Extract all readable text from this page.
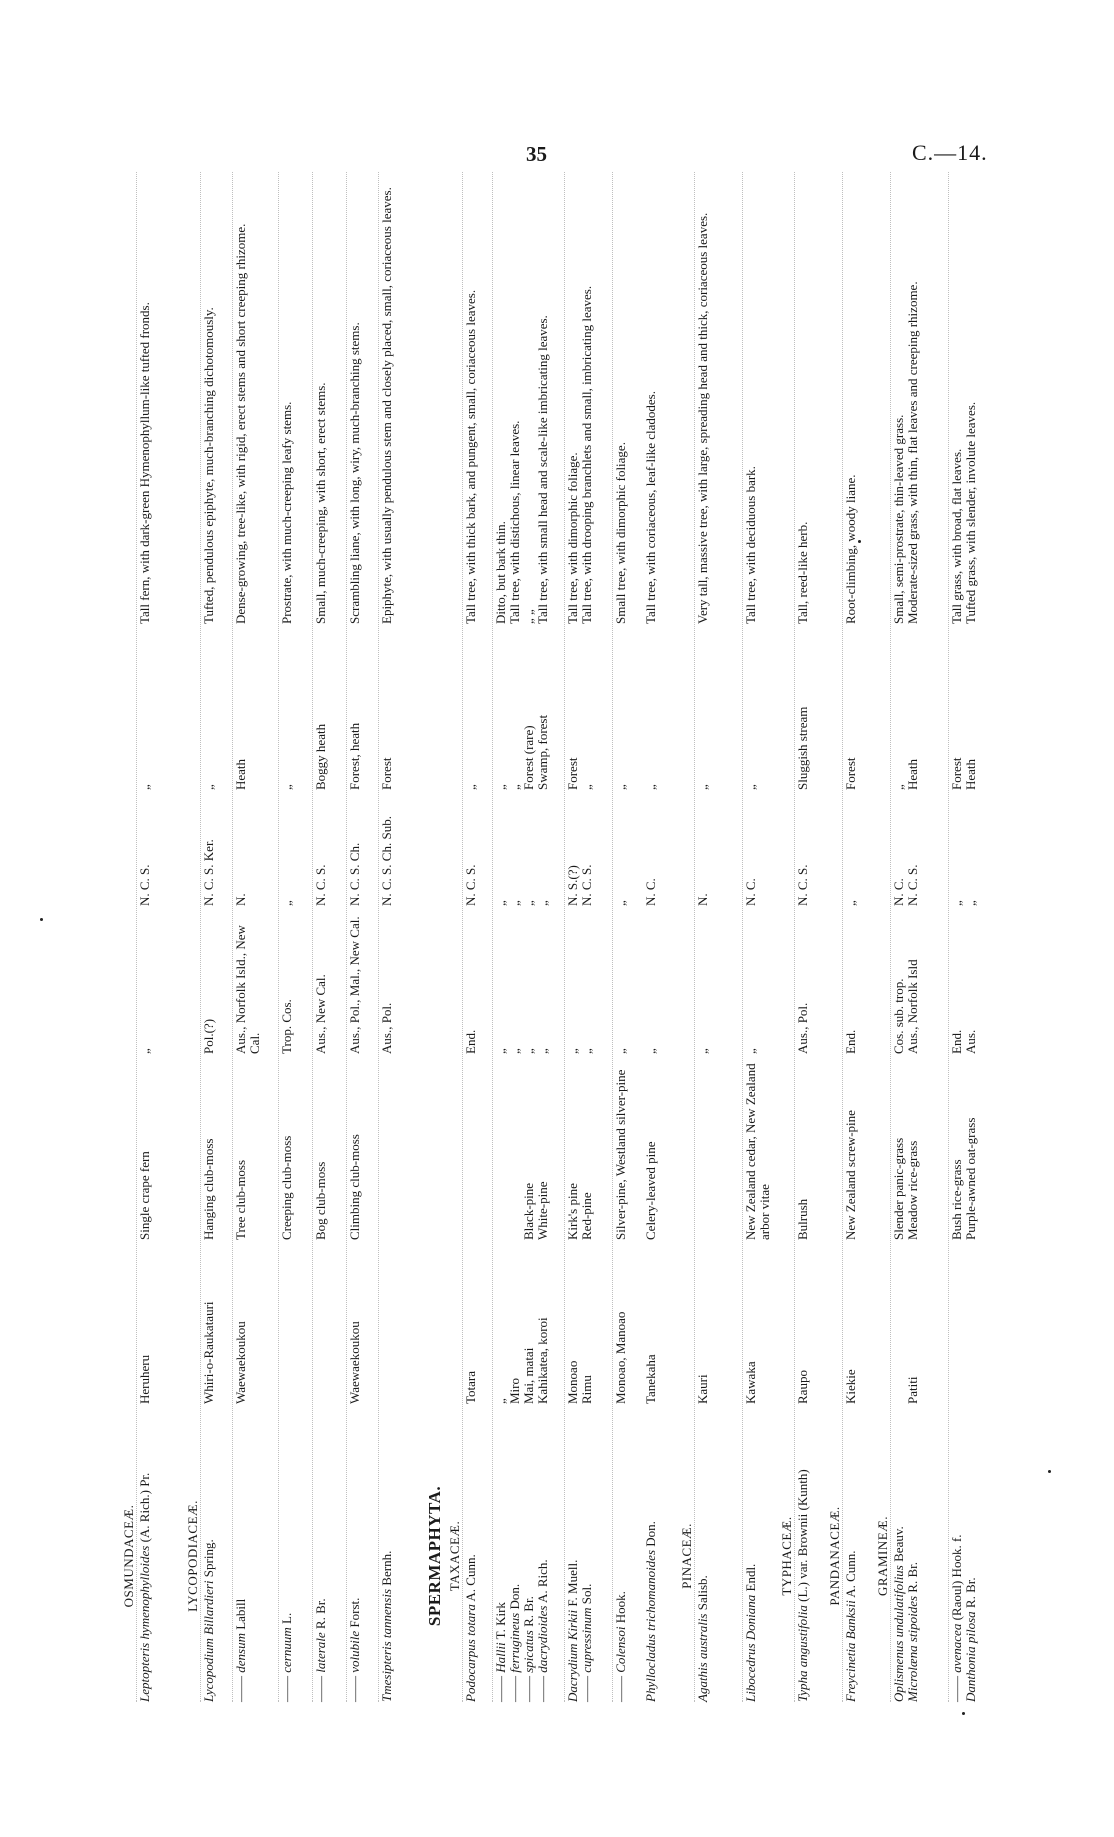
35	C.—14.
OSMUNDACEÆ. Leptopteris hymenophylloides (A. Rich.) Pr.
Heruheru
Single crape fern
„
N. C. S.
„
Tall fern, with dark-green Hymenophyllum-like tufted fronds.
LYCOPODIACEÆ.
Lycopodium Billardieri Spring.
Whiri-o-Raukatauri
Hanging club-moss
Pol.(?)
N. C. S. Ker.
„
Tufted, pendulous epiphyte, much-branching dichotomously.
—— densum Labill
Waewaekoukou
Tree club-moss
Aus., Norfolk Isld., New Cal.
N.
Heath
Dense-growing, tree-like, with rigid, erect stems and short creeping rhizome.
—— cernuum L.
Creeping club-moss
Trop. Cos.
„
„
Prostrate, with much-creeping leafy stems.
—— laterale R. Br.
Bog club-moss
Aus., New Cal.
N. C. S.
Boggy heath
Small, much-creeping, with short, erect stems.
—— volubile Forst.
Waewaekoukou
Climbing club-moss
Aus., Pol., Mal., New Cal.
N. C. S. Ch.
Forest, heath
Scrambling liane, with long, wiry, much-branching stems.
Tmesipteris tannensis Bernh.
Aus., Pol.
N. C. S. Ch. Sub.
Forest
Epiphyte, with usually pendulous stem and closely placed, small, coriaceous leaves.
SPERMAPHYTA. TAXACEÆ.
Podocarpus totara A. Cunn.
Totara
End.
N. C. S.
„
Tall tree, with thick bark, and pungent, small, coriaceous leaves.
—— Hallii T. Kirk
„
„
„
„
Ditto, but bark thin.
—— ferrugineus Don.
Miro
„
„
„
Tall tree, with distichous, linear leaves.
—— spicatus R. Br.
Mai, matai
Black-pine
„
„
Forest (rare)
„ „
—— dacrydioides A. Rich.
Kahikatea, koroi
White-pine
„
„
Swamp, forest
Tall tree, with small head and scale-like imbricating leaves.
Dacrydium Kirkii F. Muell.
Monoao
Kirk's pine
„
N. S.(?)
Forest
Tall tree, with dimorphic foliage.
—— cupressinum Sol.
Rimu
Red-pine
„
N. C. S.
„
Tall tree, with drooping branchlets and small, imbricating leaves.
—— Colensoi Hook.
Monoao, Manoao
Silver-pine, Westland silver-pine
„
„
„
Small tree, with dimorphic foliage.
Phyllocladus trichomanoides Don.
Tanekaha
Celery-leaved pine
„
N. C.
„
Tall tree, with coriaceous, leaf-like cladodes.
PINACEÆ.
Agathis australis Salisb.
Kauri
„
N.
„
Very tall, massive tree, with large, spreading head and thick, coriaceous leaves.
Libocedrus Doniana Endl.
Kawaka
New Zealand cedar, New Zealand arbor vitae
„
N. C.
„
Tall tree, with deciduous bark.
TYPHACEÆ.
Typha angustifolia (L.) var. Brownii (Kunth)
Raupo
Bulrush
Aus., Pol.
N. C. S.
Sluggish stream
Tall, reed-like herb.
PANDANACEÆ.
Freycinetia Banksii A. Cunn.
Kiekie
New Zealand screw-pine
End.
„
Forest
Root-climbing, woody liane.
GRAMINEÆ.
Oplismenus undulatifolius Beauv.
Slender panic-grass
Cos. sub. trop.
N. C.
„
Small, semi-prostrate, thin-leaved grass.
Microlæna stipoides R. Br.
Patiti
Meadow rice-grass
Aus., Norfolk Isld
N. C. S.
Heath
Moderate-sized grass, with thin, flat leaves and creeping rhizome.
—— avenacea (Raoul) Hook. f.
Bush rice-grass
End.
„
Forest
Tall grass, with broad, flat leaves.
Danthonia pilosa R. Br.
Purple-awned oat-grass
Aus.
„
Heath
Tufted grass, with slender, involute leaves.
